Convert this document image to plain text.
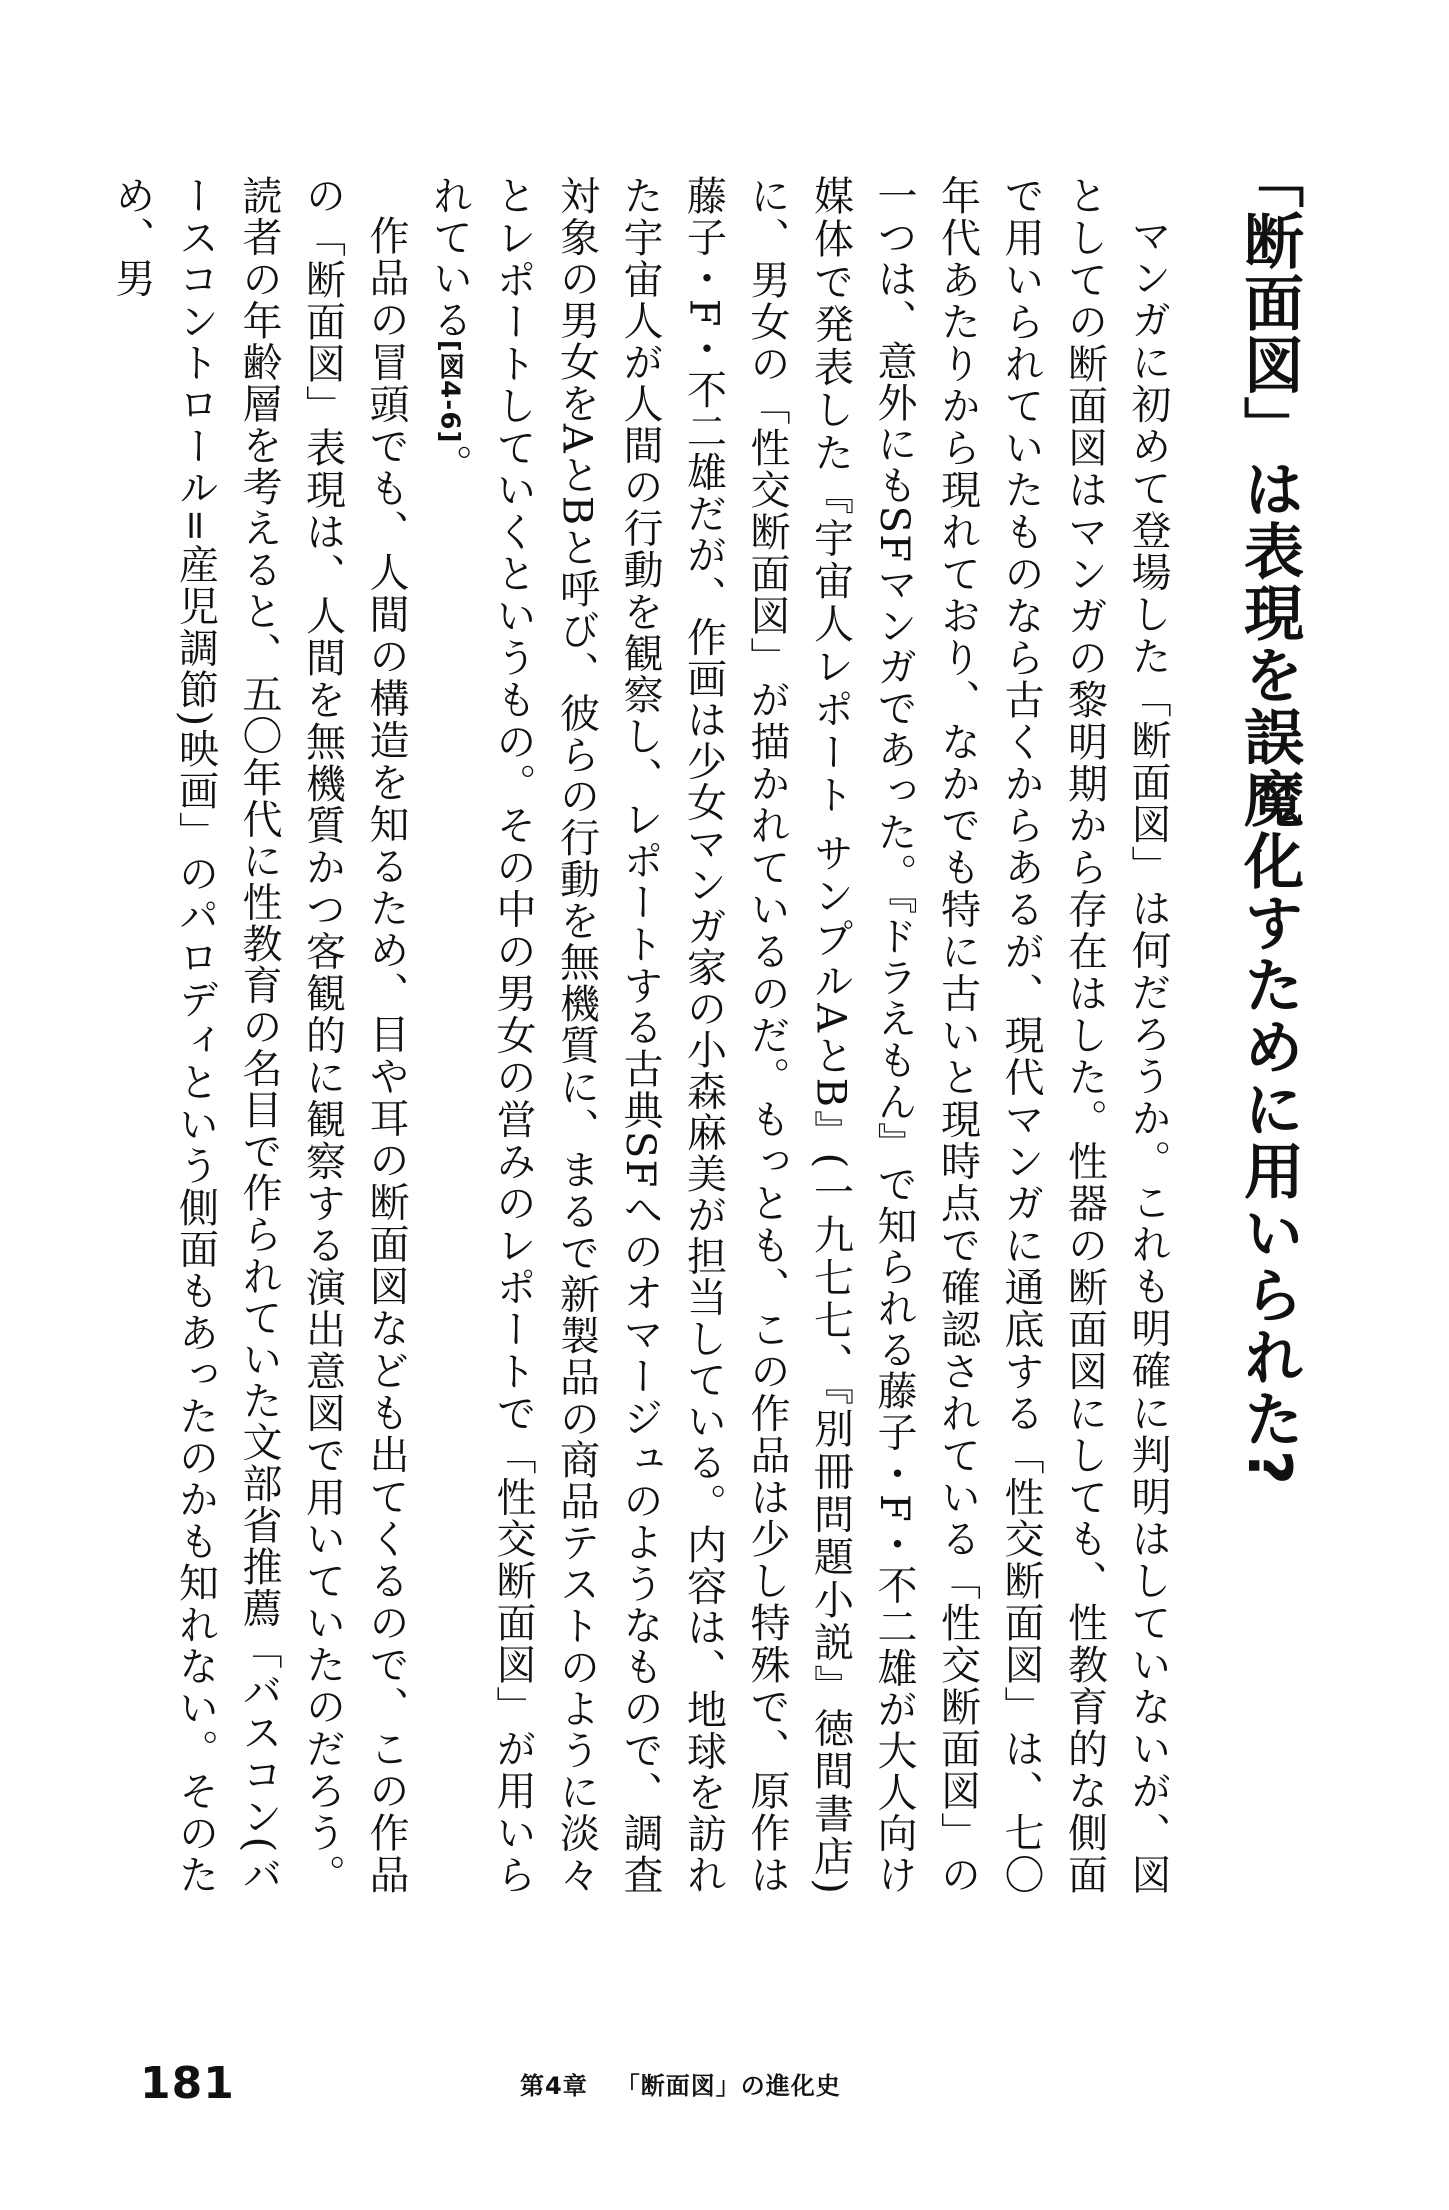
「断面図」は表現を誤魔化すために用いられた?

マンガに初めて登場した「断面図」は何だろうか。これも明確に判明はしていないが、図としての断面図はマンガの黎明期から存在はした。性器の断面図にしても、性教育的な側面で用いられていたものなら古くからあるが、現代マンガに通底する「性交断面図」は、七〇年代あたりから現れており、なかでも特に古いと現時点で確認されている「性交断面図」の一つは、意外にもSFマンガであった。『ドラえもん』で知られる藤子・F・不二雄が大人向け媒体で発表した『宇宙人レポート サンプルAとB』(一九七七、『別冊問題小説』徳間書店)に、男女の「性交断面図」が描かれているのだ。もっとも、この作品は少し特殊で、原作は藤子・F・不二雄だが、作画は少女マンガ家の小森麻美が担当している。内容は、地球を訪れた宇宙人が人間の行動を観察し、レポートする古典SFへのオマージュのようなもので、調査対象の男女をAとBと呼び、彼らの行動を無機質に、まるで新製品の商品テストのように淡々とレポートしていくというもの。その中の男女の営みのレポートで「性交断面図」が用いられている[図4-6]。

作品の冒頭でも、人間の構造を知るため、目や耳の断面図なども出てくるので、この作品の「断面図」表現は、人間を無機質かつ客観的に観察する演出意図で用いていたのだろう。読者の年齢層を考えると、五〇年代に性教育の名目で作られていた文部省推薦「バスコン(バースコントロール=産児調節)映画」のパロディという側面もあったのかも知れない。そのため、男

181	第4章 「断面図」の進化史
